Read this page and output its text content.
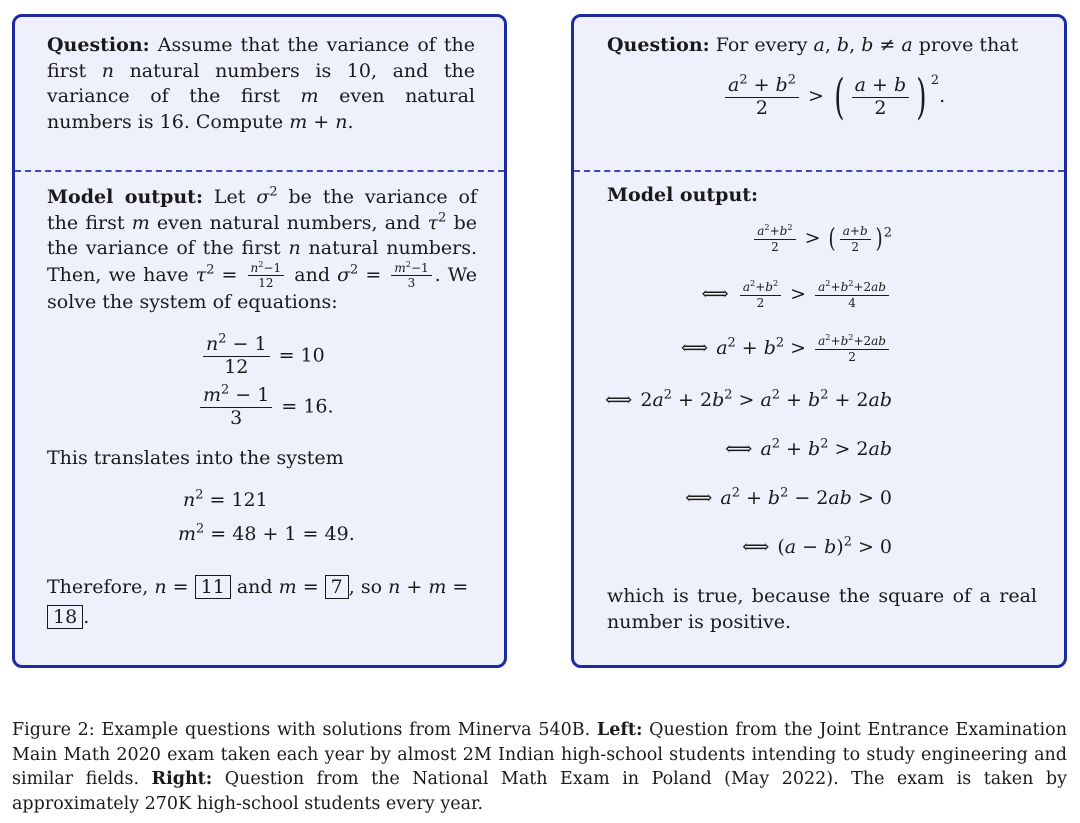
Question: Assume that the variance of the first n natural numbers is 10, and the variance of the first m even natural numbers is 16. Compute m + n.
Model output: Let $\sigma^2$ be the variance of the first m even natural numbers, and $\tau^2$ be the variance of the first n natural numbers. Then, we have $\tau^2 = \frac{n^2-1}{12}$ and $\sigma^2 = \frac{m^2-1}{3}$ . We solve the system of equations:
$\frac{n^2 - 1}{12} = 10$
$\frac{m^2 - 1}{3} = 16$.
This translates into the system
$n^2 = 121$
$m^2 = 48 + 1 = 49$.
Therefore, n = 11 and m = 7 , so n + m =
18 .
Question: For every a, b, b ≠ a prove that
$\frac{a^2 + b^2}{2}$ > ( $\frac{a + b}{2}$ ) $^2$.
Model output:
$\frac{a^2+b^2}{2}$ > ( $\frac{a+b}{2}$ ) $^2$
⟺ $\frac{a^2+b^2}{2} > \frac{a^2+b^2+2ab}{4}$
⟺ $a^2 + b^2 > \frac{a^2+b^2+2ab}{2}$
⟺ $2a^2 + 2b^2 > a^2 + b^2 + 2ab$
⟺ $a^2 + b^2 > 2ab$
⟺ $a^2 + b^2 - 2ab > 0$
⟺ $(a - b)^2 > 0$
which is true, because the square of a real number is positive.
Figure 2: Example questions with solutions from Minerva 540B. Left: Question from the Joint Entrance Examination Main Math 2020 exam taken each year by almost 2M Indian high-school students intending to study engineering and similar fields. Right: Question from the National Math Exam in Poland (May 2022). The exam is taken by approximately 270K high-school students every year.
